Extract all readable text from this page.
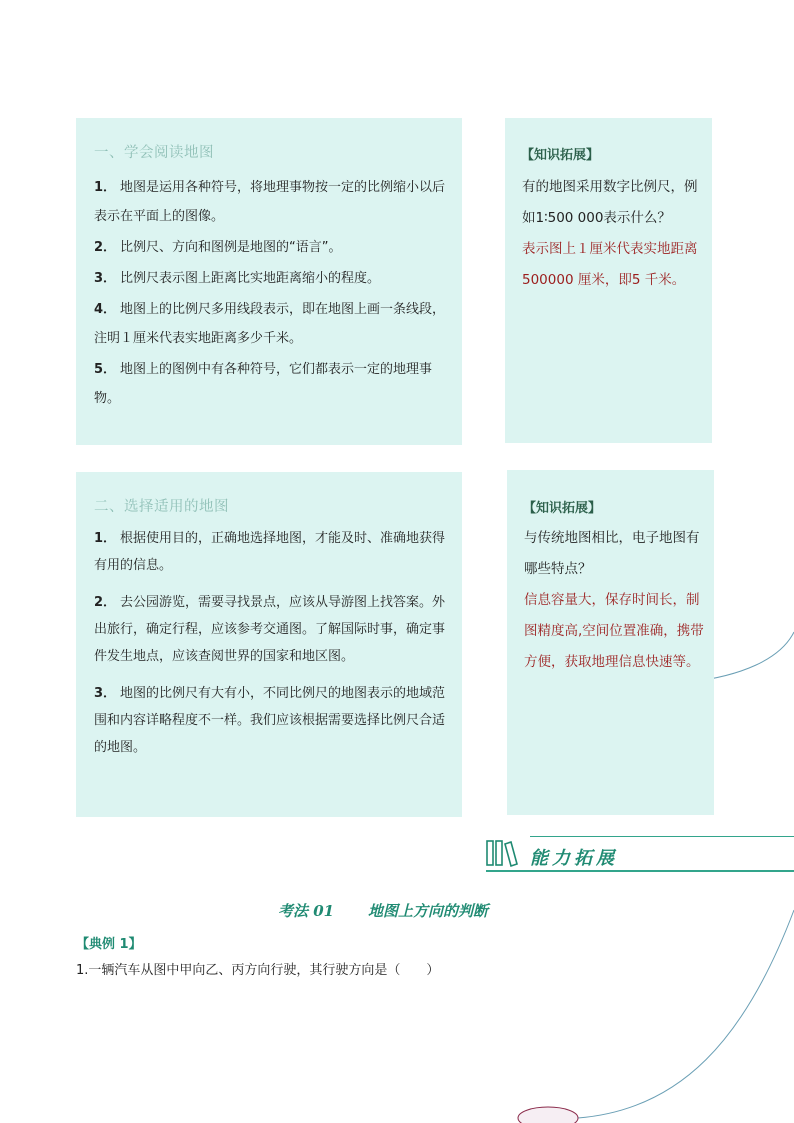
一、学会阅读地图
1． 地图是运用各种符号，将地理事物按一定的比例缩小以后表示在平面上的图像。
2． 比例尺、方向和图例是地图的“语言”。
3． 比例尺表示图上距离比实地距离缩小的程度。
4． 地图上的比例尺多用线段表示，即在地图上画一条线段，注明１厘米代表实地距离多少千米。
5． 地图上的图例中有各种符号，它们都表示一定的地理事物。
【知识拓展】
有的地图采用数字比例尺，例如1∶500 000表示什么？
表示图上１厘米代表实地距离 500000 厘米，即5 千米。
二、选择适用的地图
1． 根据使用目的，正确地选择地图，才能及时、准确地获得有用的信息。
2． 去公园游览，需要寻找景点，应该从导游图上找答案。外出旅行，确定行程，应该参考交通图。了解国际时事，确定事件发生地点，应该查阅世界的国家和地区图。
3． 地图的比例尺有大有小，不同比例尺的地图表示的地域范围和内容详略程度不一样。我们应该根据需要选择比例尺合适的地图。
【知识拓展】
与传统地图相比，电子地图有哪些特点？
信息容量大，保存时间长，制图精度高,空间位置准确，携带方便，获取地理信息快速等。
能力拓展
考法 01 地图上方向的判断
【典例 1】
1.一辆汽车从图中甲向乙、丙方向行驶，其行驶方向是（　　）
